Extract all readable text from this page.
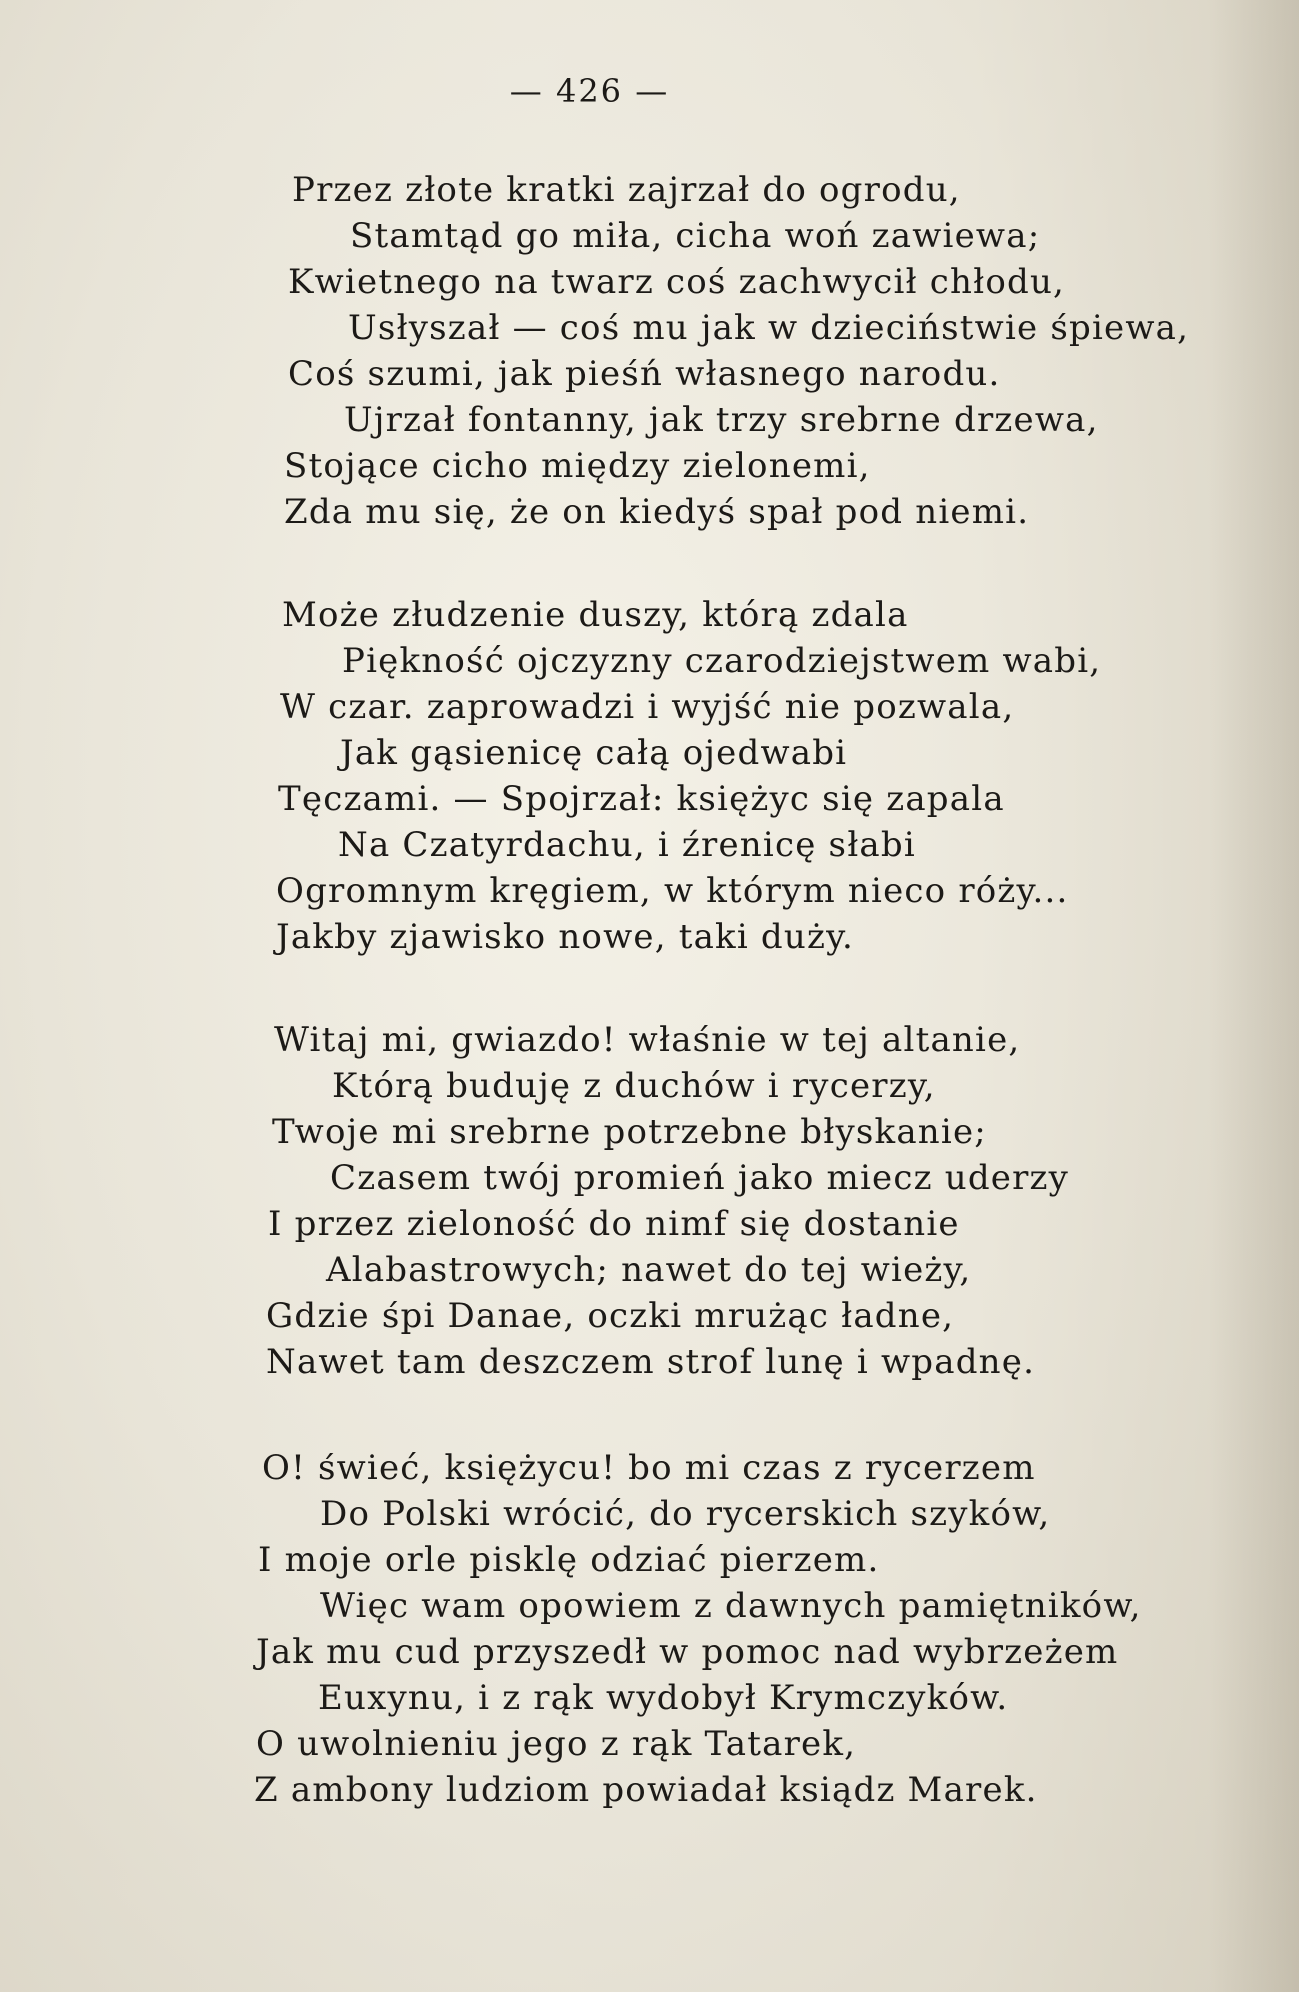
— 426 —
Przez złote kratki zajrzał do ogrodu,
Stamtąd go miła, cicha woń zawiewa;
Kwietnego na twarz coś zachwycił chłodu,
Usłyszał — coś mu jak w dzieciństwie śpiewa,
Coś szumi, jak pieśń własnego narodu.
Ujrzał fontanny, jak trzy srebrne drzewa,
Stojące cicho między zielonemi,
Zda mu się, że on kiedyś spał pod niemi.
Może złudzenie duszy, którą zdala
Piękność ojczyzny czarodziejstwem wabi,
W czar. zaprowadzi i wyjść nie pozwala,
Jak gąsienicę całą ojedwabi
Tęczami. — Spojrzał: księżyc się zapala
Na Czatyrdachu, i źrenicę słabi
Ogromnym kręgiem, w którym nieco róży...
Jakby zjawisko nowe, taki duży.
Witaj mi, gwiazdo! właśnie w tej altanie,
Którą buduję z duchów i rycerzy,
Twoje mi srebrne potrzebne błyskanie;
Czasem twój promień jako miecz uderzy
I przez zieloność do nimf się dostanie
Alabastrowych; nawet do tej wieży,
Gdzie śpi Danae, oczki mrużąc ładne,
Nawet tam deszczem strof lunę i wpadnę.
O! świeć, księżycu! bo mi czas z rycerzem
Do Polski wrócić, do rycerskich szyków,
I moje orle pisklę odziać pierzem.
Więc wam opowiem z dawnych pamiętników,
Jak mu cud przyszedł w pomoc nad wybrzeżem
Euxynu, i z rąk wydobył Krymczyków.
O uwolnieniu jego z rąk Tatarek,
Z ambony ludziom powiadał ksiądz Marek.
